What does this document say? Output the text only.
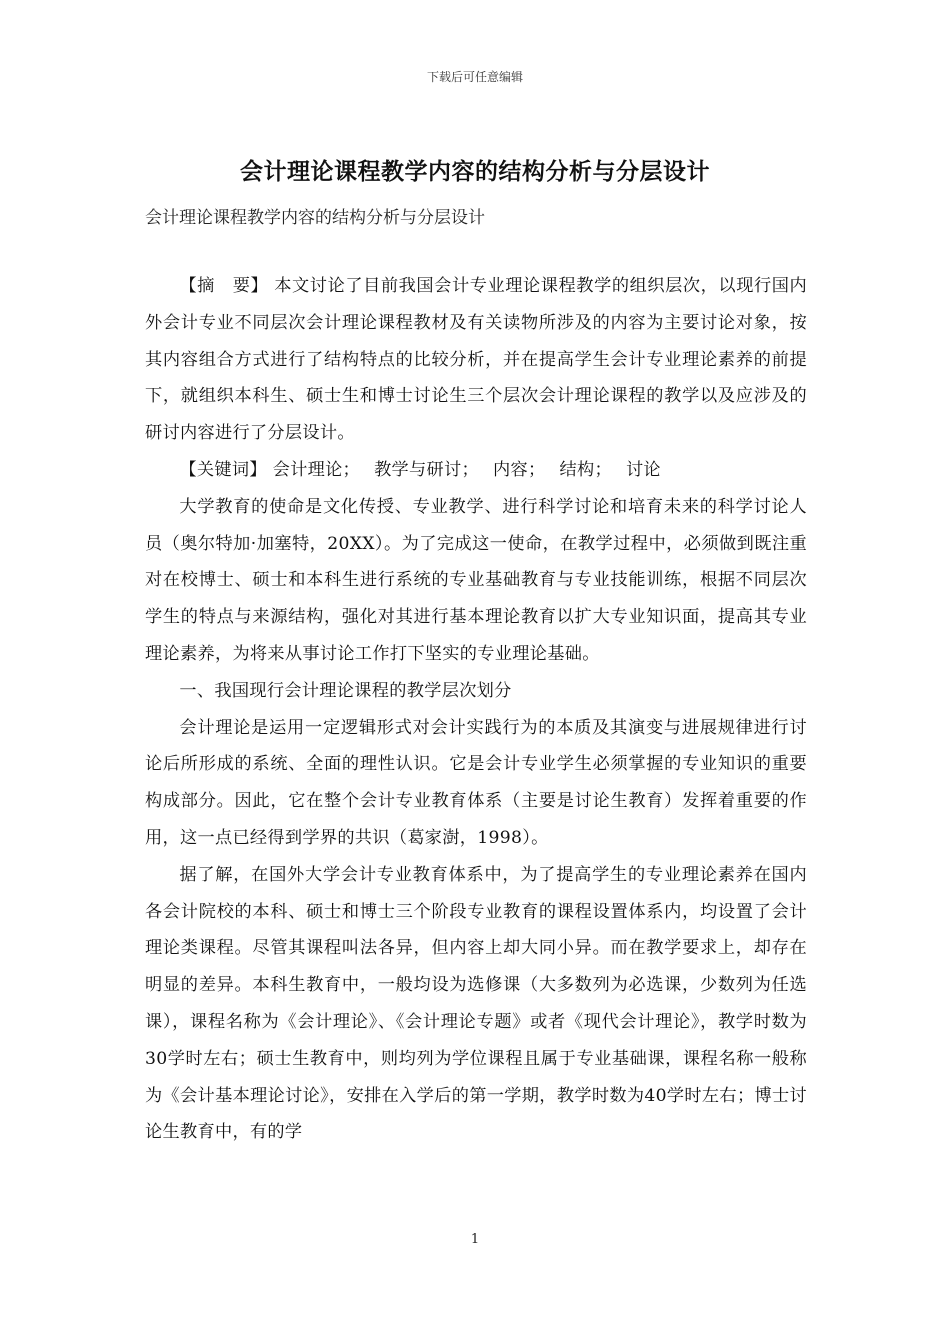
下载后可任意编辑
会计理论课程教学内容的结构分析与分层设计
会计理论课程教学内容的结构分析与分层设计

【摘　要】 本文讨论了目前我国会计专业理论课程教学的组织层次，以现行国内外会计专业不同层次会计理论课程教材及有关读物所涉及的内容为主要讨论对象，按其内容组合方式进行了结构特点的比较分析，并在提高学生会计专业理论素养的前提下，就组织本科生、硕士生和博士讨论生三个层次会计理论课程的教学以及应涉及的研讨内容进行了分层设计。

【关键词】 会计理论； 教学与研讨； 内容； 结构； 讨论

大学教育的使命是文化传授、专业教学、进行科学讨论和培育未来的科学讨论人员（奥尔特加·加塞特，20XX）。为了完成这一使命，在教学过程中，必须做到既注重对在校博士、硕士和本科生进行系统的专业基础教育与专业技能训练，根据不同层次学生的特点与来源结构，强化对其进行基本理论教育以扩大专业知识面，提高其专业理论素养，为将来从事讨论工作打下坚实的专业理论基础。

一、我国现行会计理论课程的教学层次划分

会计理论是运用一定逻辑形式对会计实践行为的本质及其演变与进展规律进行讨论后所形成的系统、全面的理性认识。它是会计专业学生必须掌握的专业知识的重要构成部分。因此，它在整个会计专业教育体系（主要是讨论生教育）发挥着重要的作用，这一点已经得到学界的共识（葛家澍，1998）。

据了解，在国外大学会计专业教育体系中，为了提高学生的专业理论素养在国内各会计院校的本科、硕士和博士三个阶段专业教育的课程设置体系内，均设置了会计理论类课程。尽管其课程叫法各异，但内容上却大同小异。而在教学要求上，却存在明显的差异。本科生教育中，一般均设为选修课（大多数列为必选课，少数列为任选课），课程名称为《会计理论》、《会计理论专题》或者《现代会计理论》，教学时数为30学时左右；硕士生教育中，则均列为学位课程且属于专业基础课，课程名称一般称为《会计基本理论讨论》，安排在入学后的第一学期，教学时数为40学时左右；博士讨论生教育中，有的学

1
